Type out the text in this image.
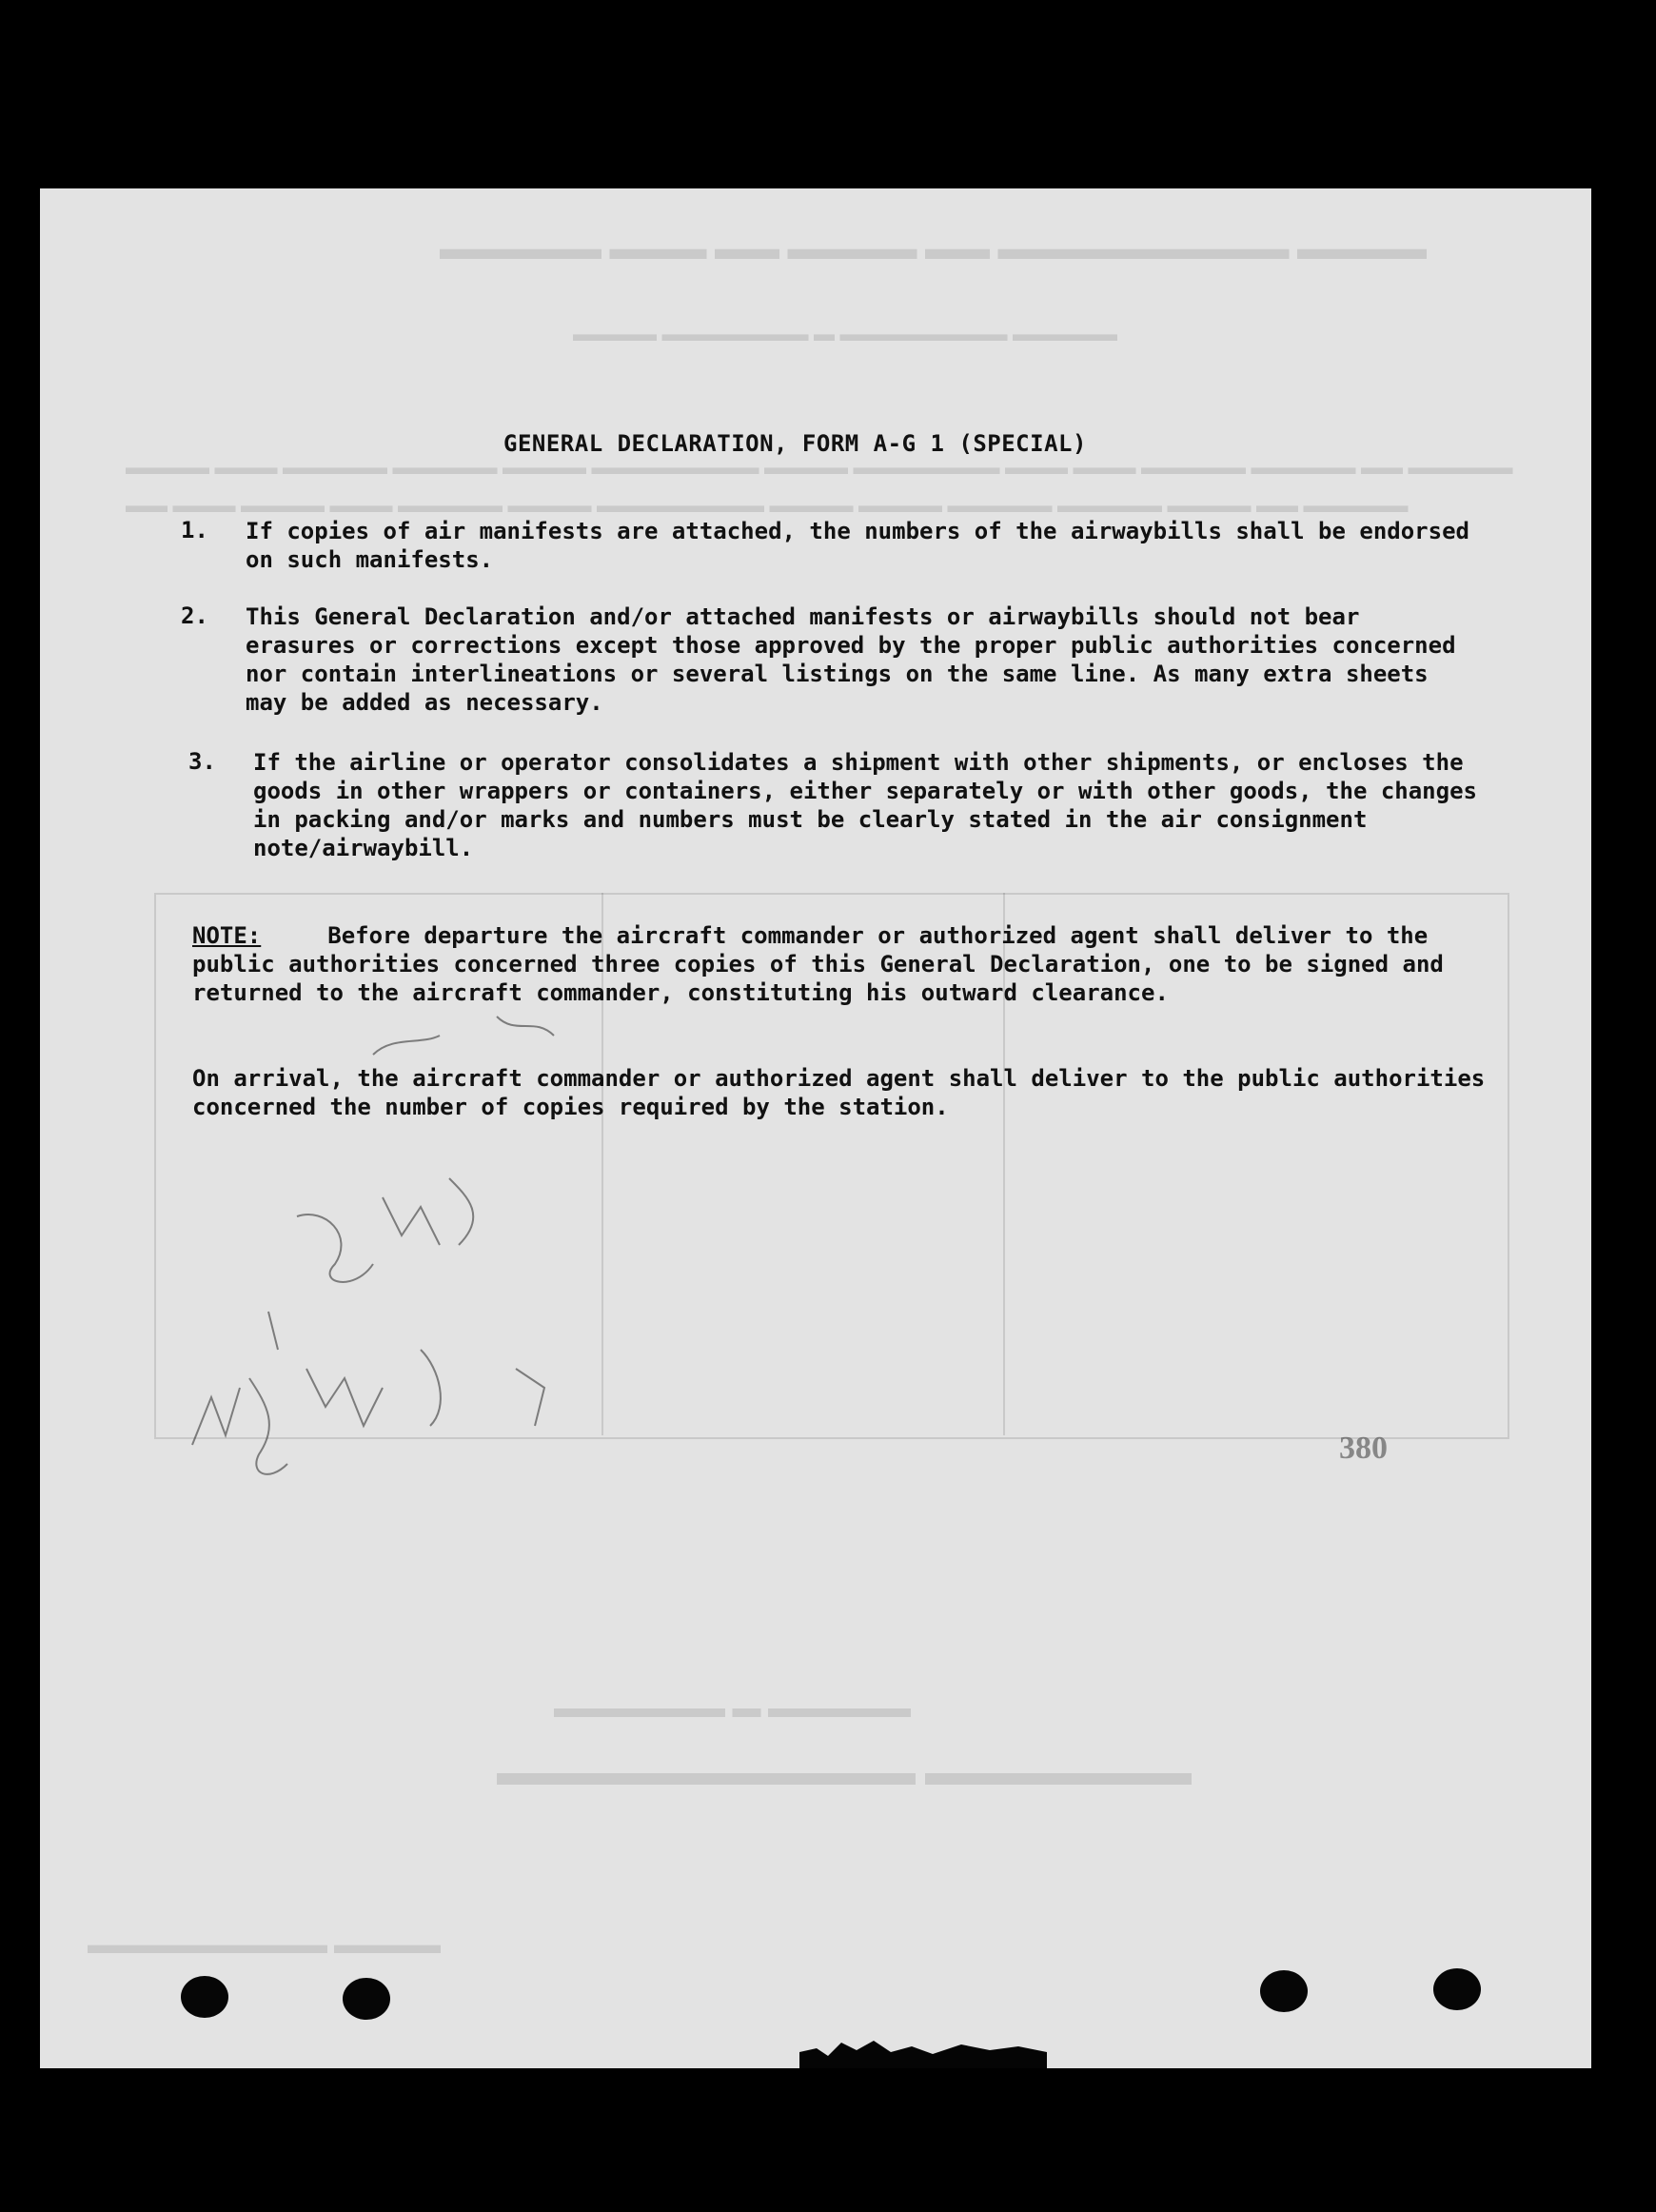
▬▬▬▬ ▬▬▬▬▬▬▬▬▬ ▬▬ ▬▬▬▬ ▬▬ ▬▬▬ ▬▬▬▬▬
▬▬▬▬▬ ▬▬▬▬▬▬▬▬ ▬ ▬▬▬▬▬▬▬ ▬▬▬▬
▬▬▬▬▬ ▬▬ ▬▬▬▬▬ ▬▬▬▬▬ ▬▬▬ ▬▬▬ ▬▬▬▬▬▬▬ ▬▬▬▬ ▬▬▬▬▬▬▬▬ ▬▬▬▬ ▬▬▬▬▬ ▬▬▬▬▬ ▬▬▬ ▬▬▬▬
▬▬▬▬▬ ▬▬ ▬▬▬▬ ▬▬▬▬▬ ▬▬▬▬▬ ▬▬▬▬ ▬▬▬▬ ▬▬▬▬▬▬▬▬ ▬▬▬▬ ▬▬▬▬▬ ▬▬▬ ▬▬▬▬ ▬▬▬ ▬▬
▬▬▬▬▬▬▬ ▬▬▬▬▬▬▬▬▬▬▬
▬▬▬▬▬ ▬ ▬▬▬▬▬▬
▬▬▬▬ ▬▬▬▬▬▬▬▬▬
GENERAL DECLARATION, FORM A-G 1 (SPECIAL)
1.	If copies of air manifests are attached, the numbers of the airwaybills shall be endorsed on such manifests.
2.	This General Declaration and/or attached manifests or airwaybills should not bear erasures or corrections except those approved by the proper public authorities concerned nor contain interlineations or several listings on the same line. As many extra sheets may be added as necessary.
3.	If the airline or operator consolidates a shipment with other shipments, or encloses the goods in other wrappers or containers, either separately or with other goods, the changes in packing and/or marks and numbers must be clearly stated in the air consignment note/airwaybill.
NOTE:	Before departure the aircraft commander or authorized agent shall deliver to the public authorities concerned three copies of this General Declaration, one to be signed and returned to the aircraft commander, constituting his outward clearance.
On arrival, the aircraft commander or authorized agent shall deliver to the public authorities concerned the number of copies required by the station.
380
